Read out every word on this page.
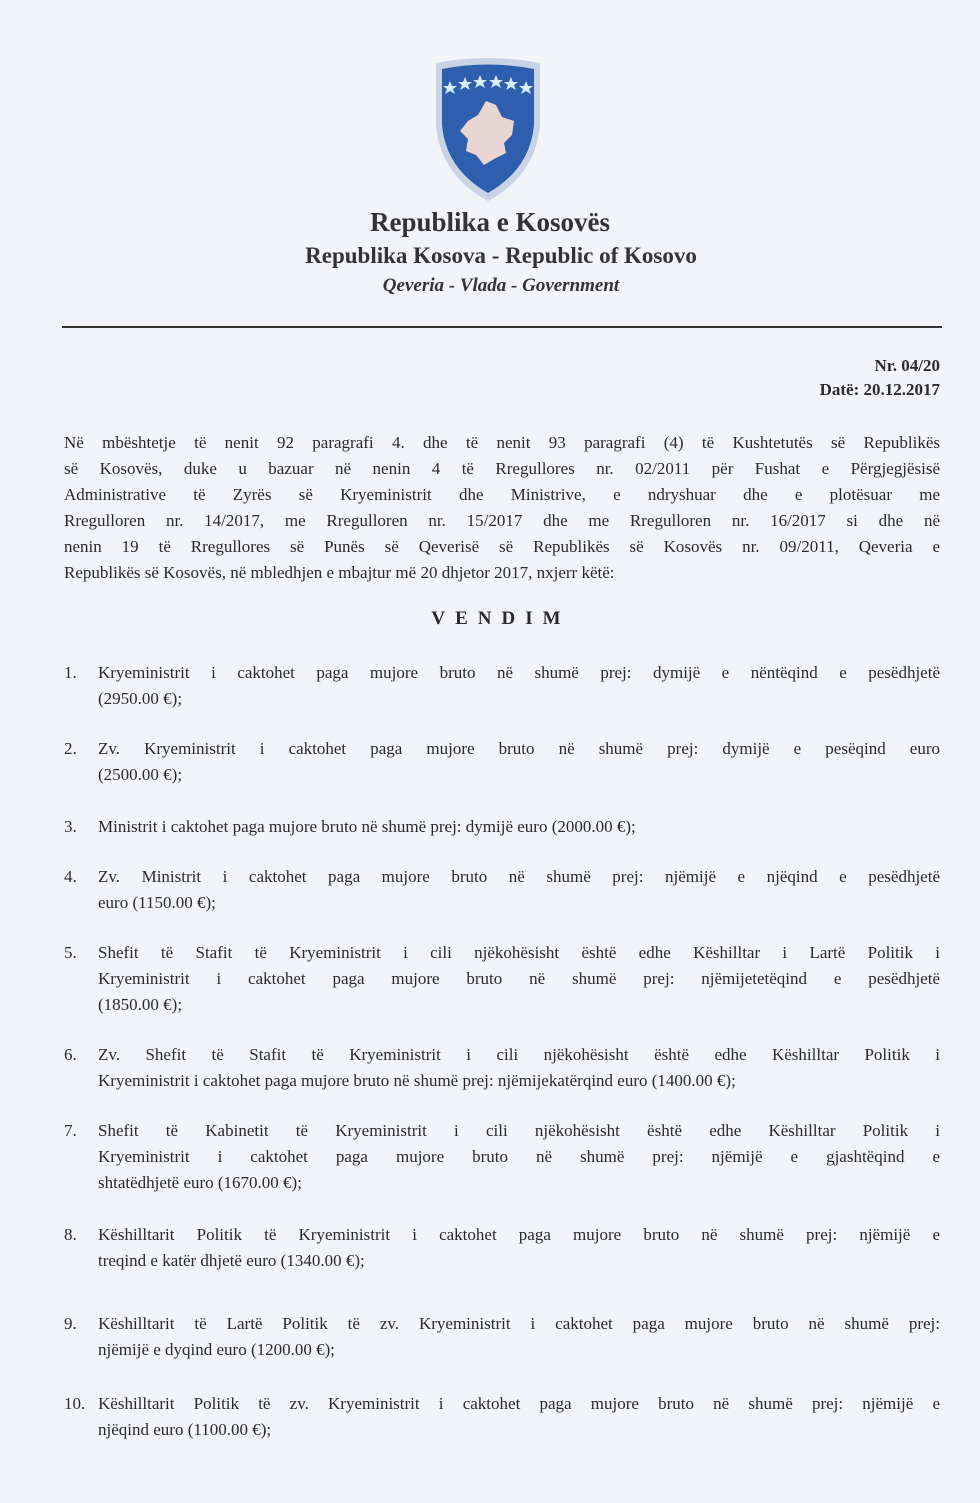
Republika e Kosovës
Republika Kosova - Republic of Kosovo
Qeveria - Vlada - Government
Nr. 04/20
Datë: 20.12.2017
Në mbështetje të nenit 92 paragrafi 4. dhe të nenit 93 paragrafi (4) të Kushtetutës së Republikës
së Kosovës, duke u bazuar në nenin 4 të Rregullores nr. 02/2011 për Fushat e Përgjegjësisë
Administrative të Zyrës së Kryeministrit dhe Ministrive, e ndryshuar dhe e plotësuar me
Rregulloren nr. 14/2017, me Rregulloren nr. 15/2017 dhe me Rregulloren nr. 16/2017 si dhe në
nenin 19 të Rregullores së Punës së Qeverisë së Republikës së Kosovës nr. 09/2011, Qeveria e
Republikës së Kosovës, në mbledhjen e mbajtur më 20 dhjetor 2017, nxjerr këtë:
VENDIM
1. Kryeministrit i caktohet paga mujore bruto në shumë prej: dymijë e nëntëqind e pesëdhjetë
(2950.00 €);
2. Zv. Kryeministrit i caktohet paga mujore bruto në shumë prej: dymijë e pesëqind euro
(2500.00 €);
3. Ministrit i caktohet paga mujore bruto në shumë prej: dymijë euro (2000.00 €);
4. Zv. Ministrit i caktohet paga mujore bruto në shumë prej: njëmijë e njëqind e pesëdhjetë
euro (1150.00 €);
5. Shefit të Stafit të Kryeministrit i cili njëkohësisht është edhe Këshilltar i Lartë Politik i
Kryeministrit i caktohet paga mujore bruto në shumë prej: njëmijetetëqind e pesëdhjetë
(1850.00 €);
6. Zv. Shefit të Stafit të Kryeministrit i cili njëkohësisht është edhe Këshilltar Politik i
Kryeministrit i caktohet paga mujore bruto në shumë prej: njëmijekatërqind euro (1400.00 €);
7. Shefit të Kabinetit të Kryeministrit i cili njëkohësisht është edhe Këshilltar Politik i
Kryeministrit i caktohet paga mujore bruto në shumë prej: njëmijë e gjashtëqind e
shtatëdhjetë euro (1670.00 €);
8. Këshilltarit Politik të Kryeministrit i caktohet paga mujore bruto në shumë prej: njëmijë e
treqind e katër dhjetë euro (1340.00 €);
9. Këshilltarit të Lartë Politik të zv. Kryeministrit i caktohet paga mujore bruto në shumë prej:
njëmijë e dyqind euro (1200.00 €);
10. Këshilltarit Politik të zv. Kryeministrit i caktohet paga mujore bruto në shumë prej: njëmijë e
njëqind euro (1100.00 €);
